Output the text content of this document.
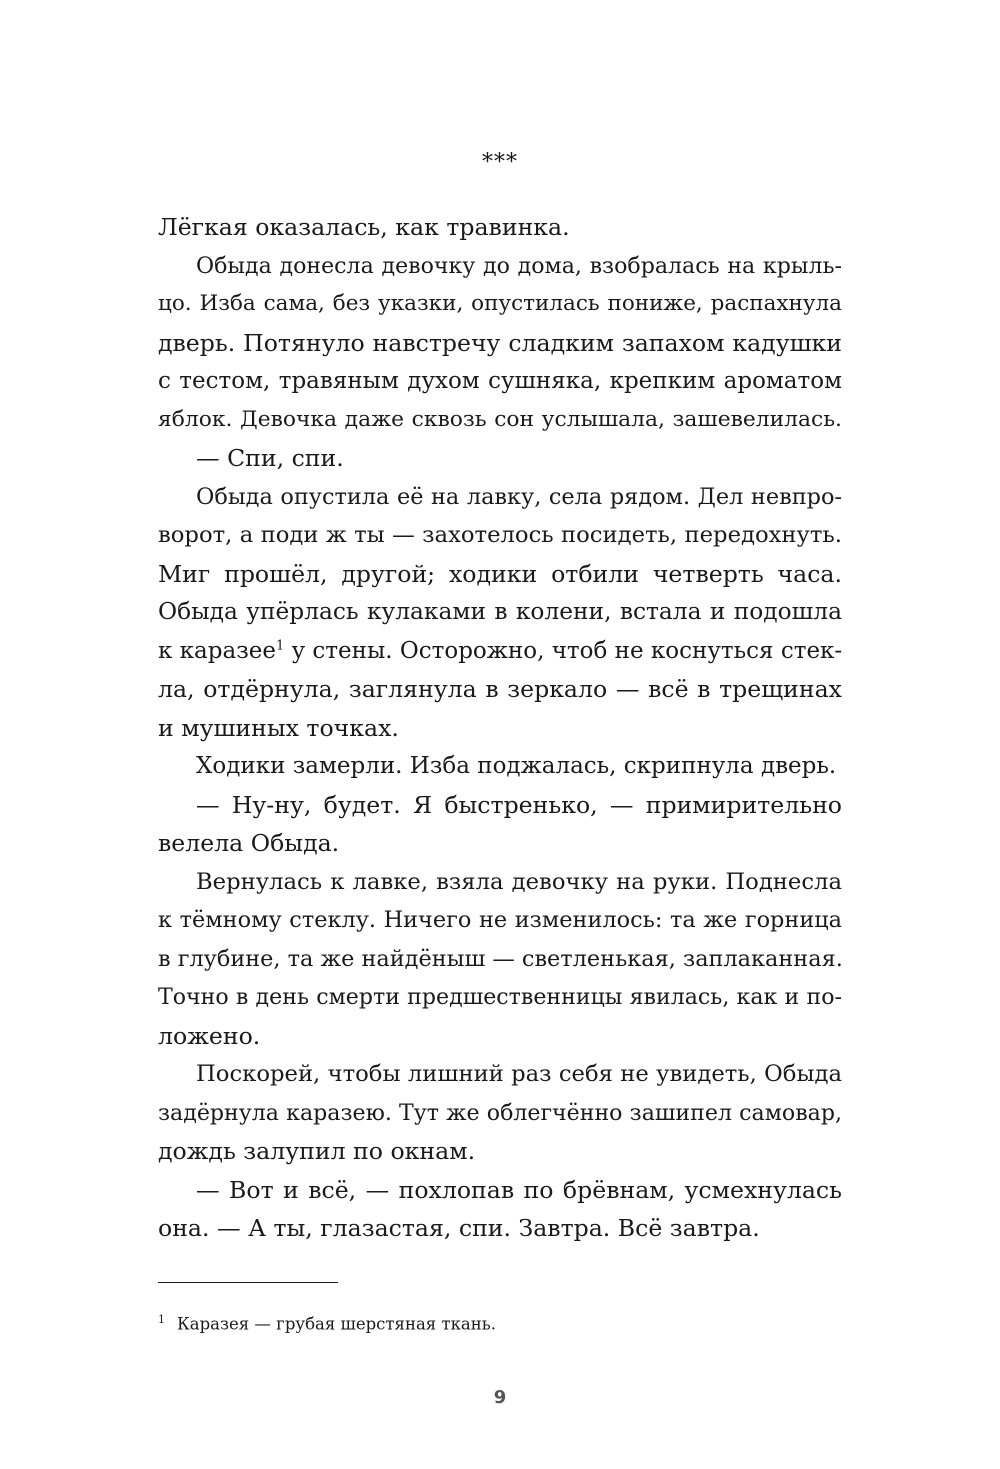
***
Лёгкая оказалась, как травинка.
Обыда донесла девочку до дома, взобралась на крыль-
цо. Изба сама, без указки, опустилась пониже, распахнула
дверь. Потянуло навстречу сладким запахом кадушки
с тестом, травяным духом сушняка, крепким ароматом
яблок. Девочка даже сквозь сон услышала, зашевелилась.
— Спи, спи.
Обыда опустила её на лавку, села рядом. Дел невпро-
ворот, а поди ж ты — захотелось посидеть, передохнуть.
Миг прошёл, другой; ходики отбили четверть часа.
Обыда упёрлась кулаками в колени, встала и подошла
к каразее$^1$ у стены. Осторожно, чтоб не коснуться стек-
ла, отдёрнула, заглянула в зеркало — всё в трещинах
и мушиных точках.
Ходики замерли. Изба поджалась, скрипнула дверь.
— Ну-ну, будет. Я быстренько, — примирительно
велела Обыда.
Вернулась к лавке, взяла девочку на руки. Поднесла
к тёмному стеклу. Ничего не изменилось: та же горница
в глубине, та же найдёныш — светленькая, заплаканная.
Точно в день смерти предшественницы явилась, как и по-
ложено.
Поскорей, чтобы лишний раз себя не увидеть, Обыда
задёрнула каразею. Тут же облегчённо зашипел самовар,
дождь залупил по окнам.
— Вот и всё, — похлопав по брёвнам, усмехнулась
она. — А ты, глазастая, спи. Завтра. Всё завтра.
$^1$ Каразея — грубая шерстяная ткань.
9
